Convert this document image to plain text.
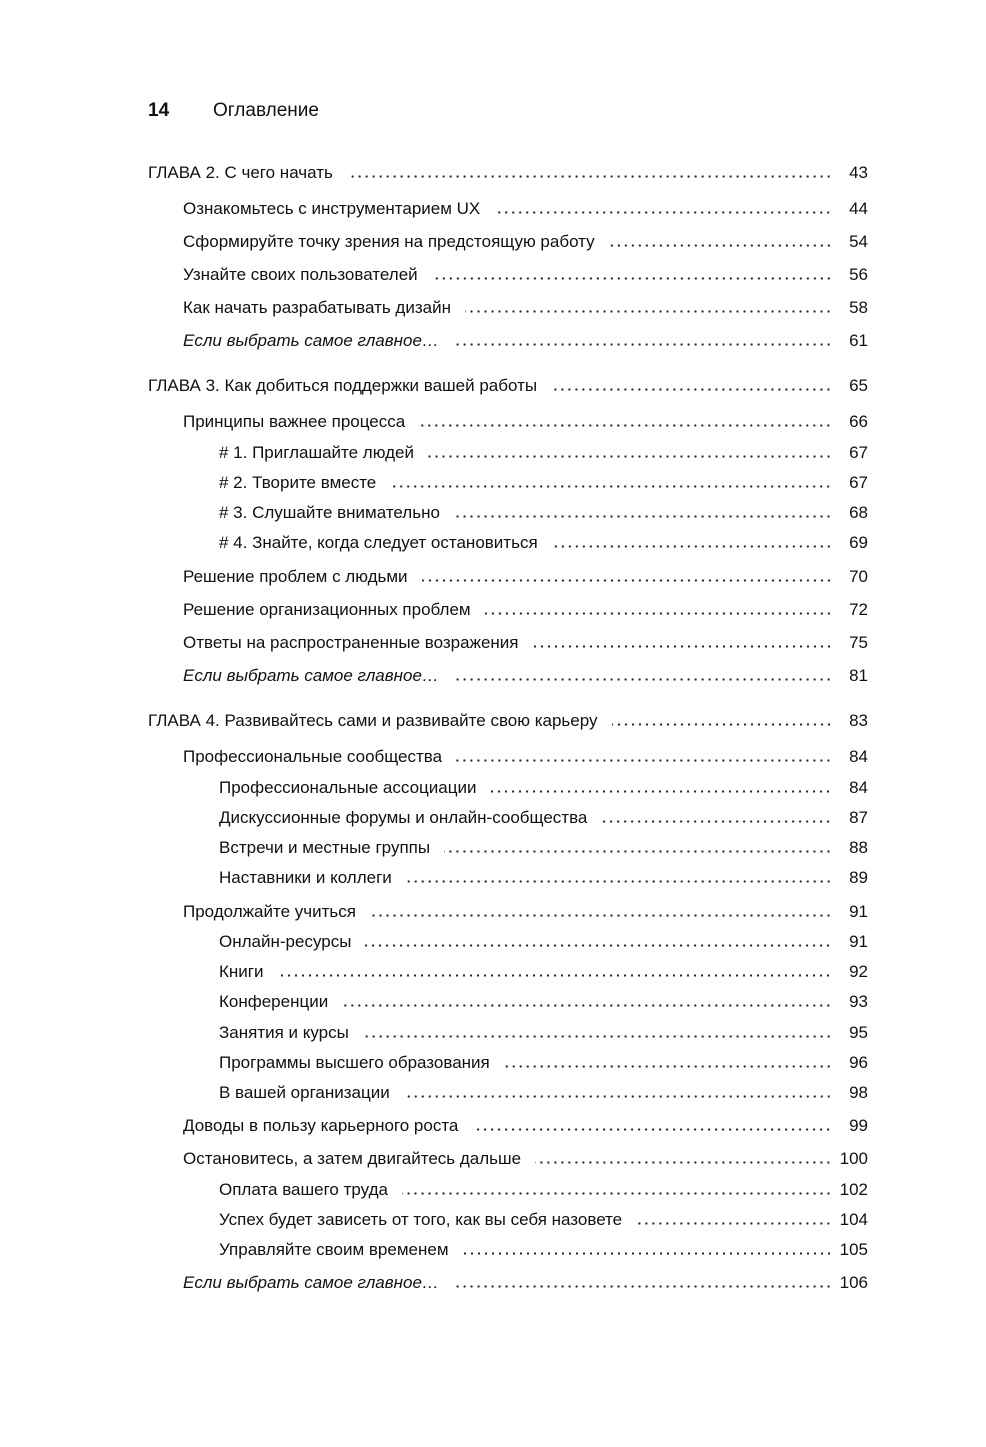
14 Оглавление
ГЛАВА 2. С чего начать	43
Ознакомьтесь с инструментарием UX	44
Сформируйте точку зрения на предстоящую работу	54
Узнайте своих пользователей	56
Как начать разрабатывать дизайн	58
Если выбрать самое главное…	61
ГЛАВА 3. Как добиться поддержки вашей работы	65
Принципы важнее процесса	66
# 1. Приглашайте людей	67
# 2. Творите вместе	67
# 3. Слушайте внимательно	68
# 4. Знайте, когда следует остановиться	69
Решение проблем с людьми	70
Решение организационных проблем	72
Ответы на распространенные возражения	75
Если выбрать самое главное…	81
ГЛАВА 4. Развивайтесь сами и развивайте свою карьеру	83
Профессиональные сообщества	84
Профессиональные ассоциации	84
Дискуссионные форумы и онлайн-сообщества	87
Встречи и местные группы	88
Наставники и коллеги	89
Продолжайте учиться	91
Онлайн-ресурсы	91
Книги	92
Конференции	93
Занятия и курсы	95
Программы высшего образования	96
В вашей организации	98
Доводы в пользу карьерного роста	99
Остановитесь, а затем двигайтесь дальше	100
Оплата вашего труда	102
Успех будет зависеть от того, как вы себя назовете	104
Управляйте своим временем	105
Если выбрать самое главное…	106
